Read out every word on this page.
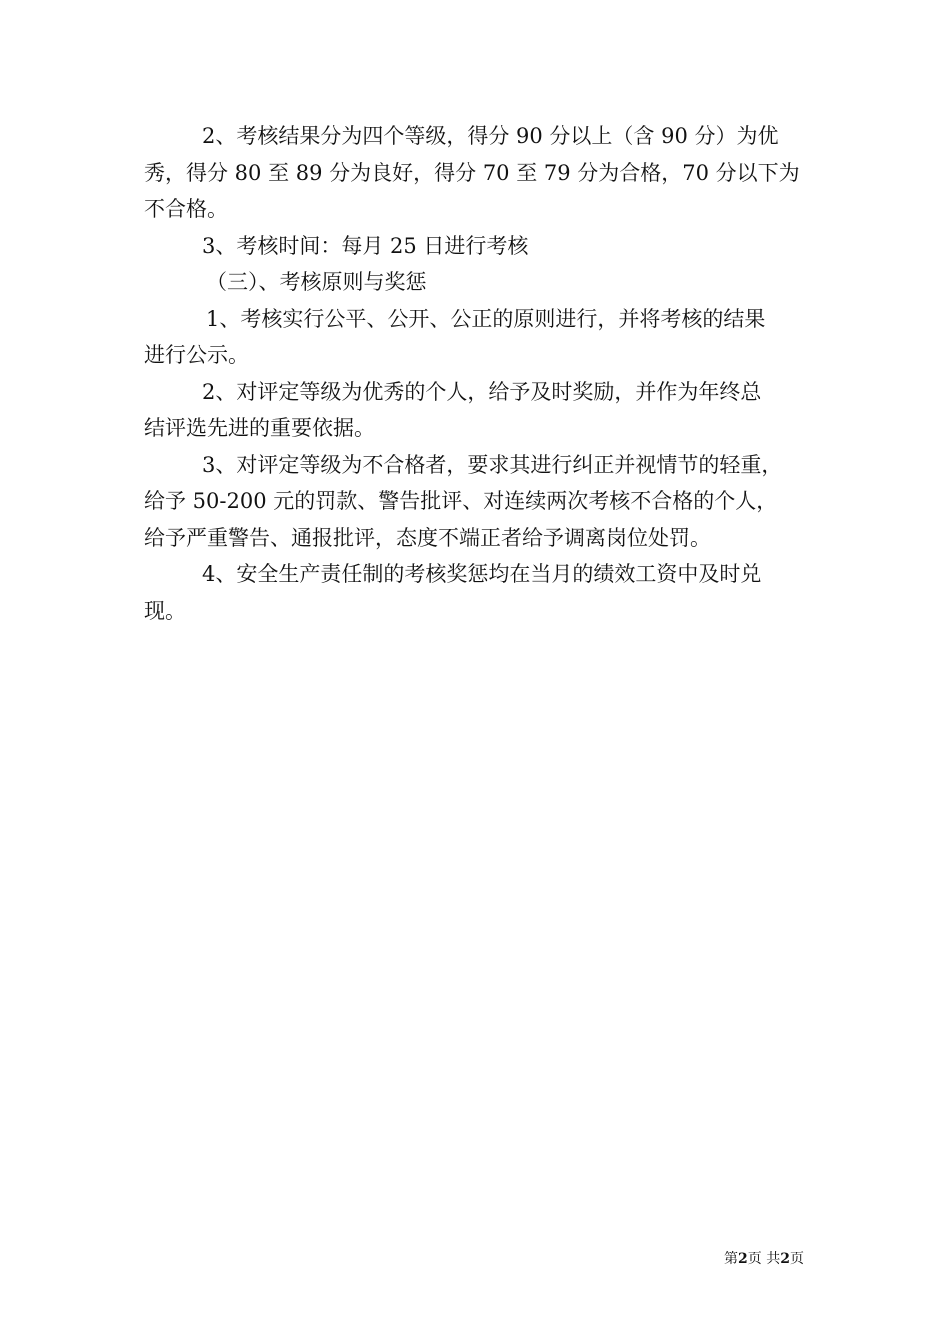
2、考核结果分为四个等级，得分 90 分以上（含 90 分）为优
秀，得分 80 至 89 分为良好，得分 70 至 79 分为合格，70 分以下为
不合格。

3、考核时间：每月 25 日进行考核

（三）、考核原则与奖惩

1、考核实行公平、公开、公正的原则进行，并将考核的结果
进行公示。

2、对评定等级为优秀的个人，给予及时奖励，并作为年终总
结评选先进的重要依据。

3、对评定等级为不合格者，要求其进行纠正并视情节的轻重，
给予 50-200 元的罚款、警告批评、对连续两次考核不合格的个人，
给予严重警告、通报批评，态度不端正者给予调离岗位处罚。

4、安全生产责任制的考核奖惩均在当月的绩效工资中及时兑
现。

第2页 共2页
